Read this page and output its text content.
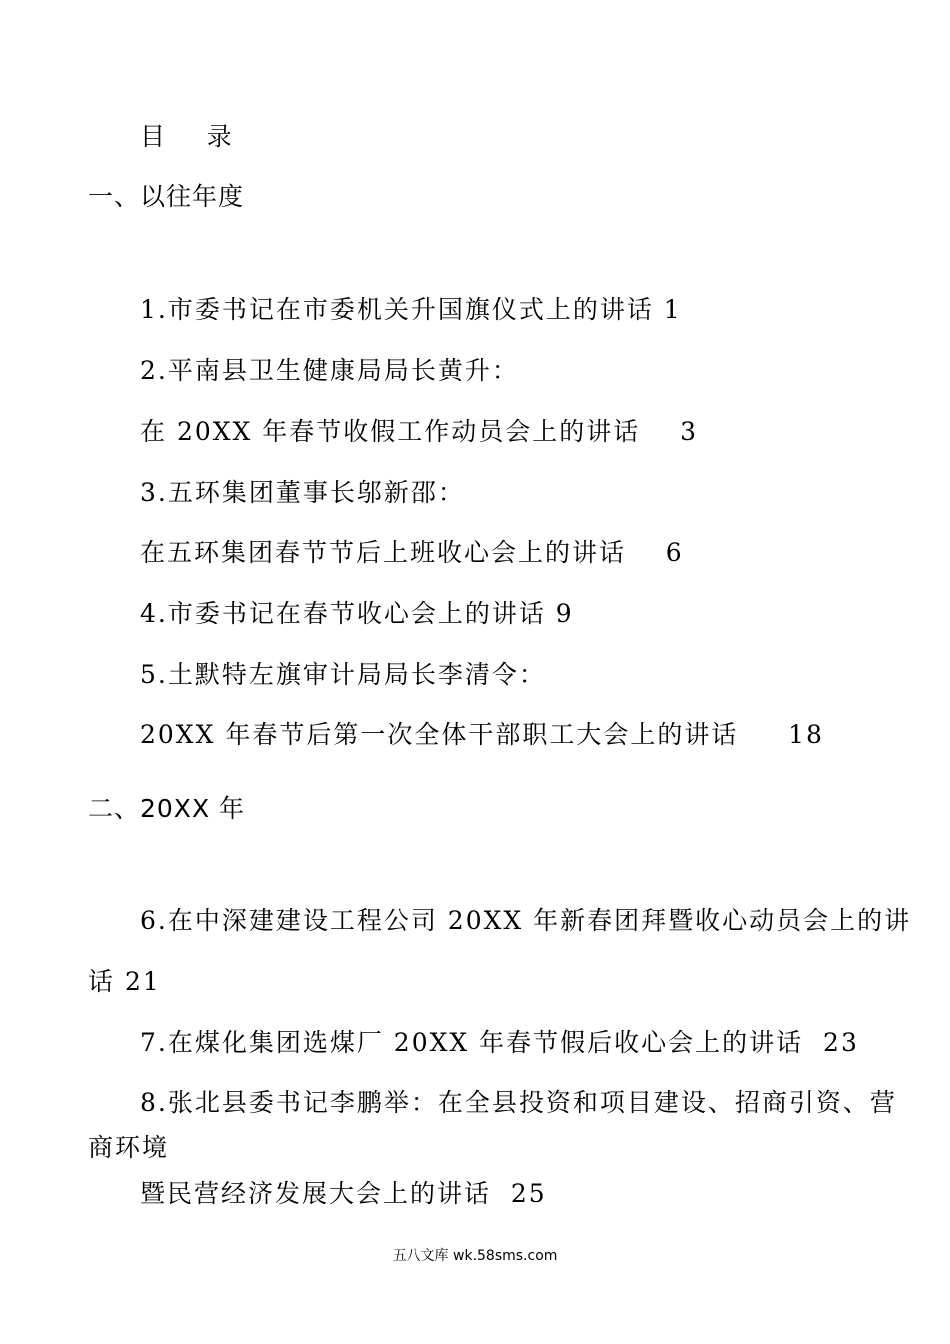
目    录
一、以往年度
1.市委书记在市委机关升国旗仪式上的讲话 1
2.平南县卫生健康局局长黄升：
在 20XX 年春节收假工作动员会上的讲话    3
3.五环集团董事长邬新邵：
在五环集团春节节后上班收心会上的讲话    6
4.市委书记在春节收心会上的讲话 9
5.土默特左旗审计局局长李清令：
20XX 年春节后第一次全体干部职工大会上的讲话     18
二、20XX 年
6.在中深建建设工程公司 20XX 年新春团拜暨收心动员会上的讲
话 21
7.在煤化集团选煤厂 20XX 年春节假后收心会上的讲话  23
8.张北县委书记李鹏举：在全县投资和项目建设、招商引资、营
商环境
暨民营经济发展大会上的讲话  25
五八文库 wk.58sms.com
